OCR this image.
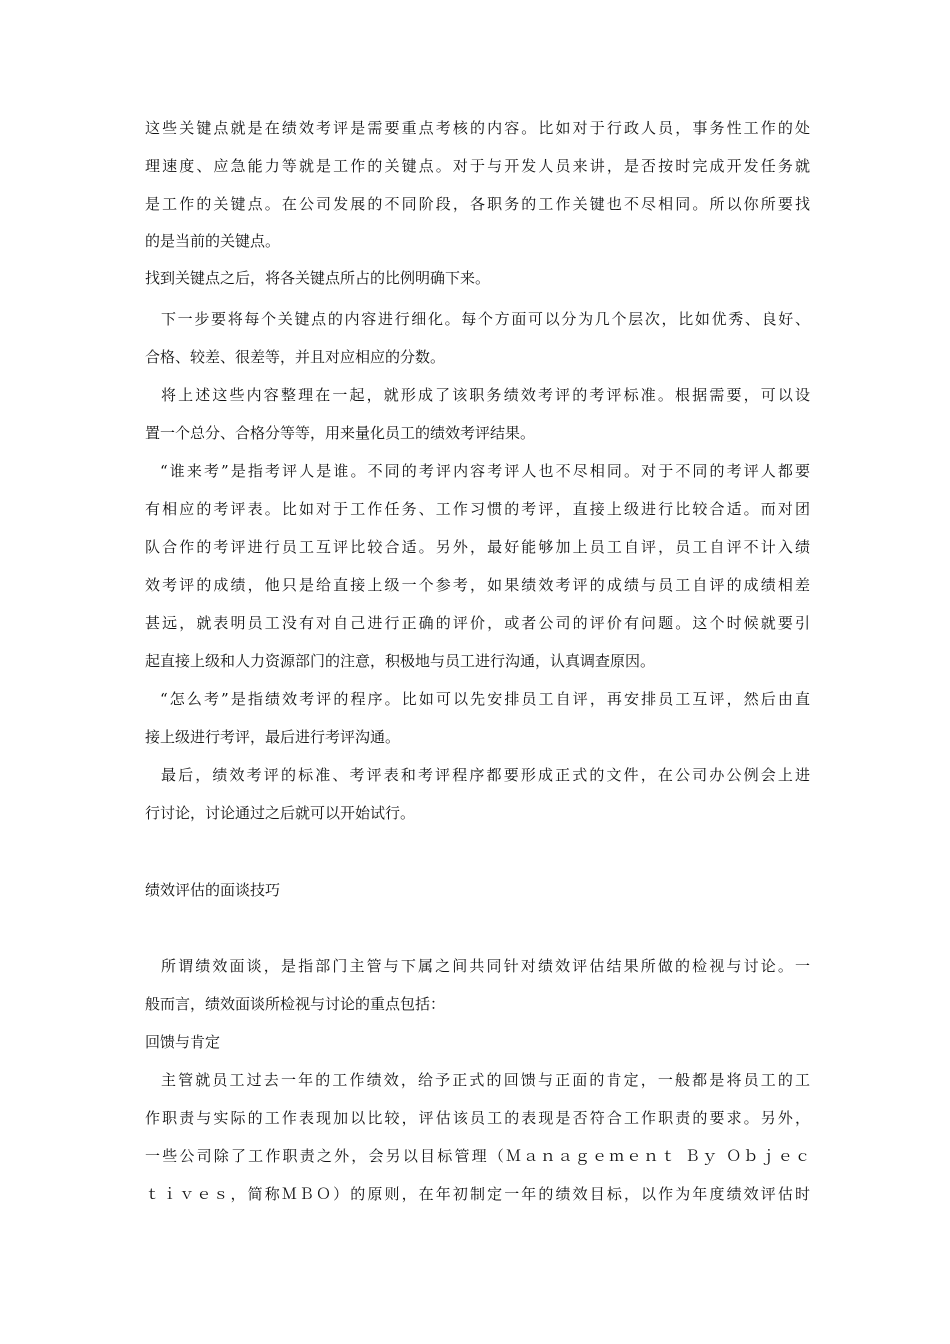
这些关键点就是在绩效考评是需要重点考核的内容。比如对于行政人员，事务性工作的处
理速度、应急能力等就是工作的关键点。对于与开发人员来讲，是否按时完成开发任务就
是工作的关键点。在公司发展的不同阶段，各职务的工作关键也不尽相同。所以你所要找
的是当前的关键点。
找到关键点之后，将各关键点所占的比例明确下来。
下一步要将每个关键点的内容进行细化。每个方面可以分为几个层次，比如优秀、良好、
合格、较差、很差等，并且对应相应的分数。
将上述这些内容整理在一起，就形成了该职务绩效考评的考评标准。根据需要，可以设
置一个总分、合格分等等，用来量化员工的绩效考评结果。
“谁来考”是指考评人是谁。不同的考评内容考评人也不尽相同。对于不同的考评人都要
有相应的考评表。比如对于工作任务、工作习惯的考评，直接上级进行比较合适。而对团
队合作的考评进行员工互评比较合适。另外，最好能够加上员工自评，员工自评不计入绩
效考评的成绩，他只是给直接上级一个参考，如果绩效考评的成绩与员工自评的成绩相差
甚远，就表明员工没有对自己进行正确的评价，或者公司的评价有问题。这个时候就要引
起直接上级和人力资源部门的注意，积极地与员工进行沟通，认真调查原因。
“怎么考”是指绩效考评的程序。比如可以先安排员工自评，再安排员工互评，然后由直
接上级进行考评，最后进行考评沟通。
最后，绩效考评的标准、考评表和考评程序都要形成正式的文件，在公司办公例会上进
行讨论，讨论通过之后就可以开始试行。
绩效评估的面谈技巧
所谓绩效面谈，是指部门主管与下属之间共同针对绩效评估结果所做的检视与讨论。一
般而言，绩效面谈所检视与讨论的重点包括：
回馈与肯定
主管就员工过去一年的工作绩效，给予正式的回馈与正面的肯定，一般都是将员工的工
作职责与实际的工作表现加以比较，评估该员工的表现是否符合工作职责的要求。另外，
一些公司除了工作职责之外，会另以目标管理（Ｍａｎａｇｅｍｅｎｔ Ｂｙ Ｏｂｊｅｃ
ｔｉｖｅｓ，简称ＭＢＯ）的原则，在年初制定一年的绩效目标，以作为年度绩效评估时
